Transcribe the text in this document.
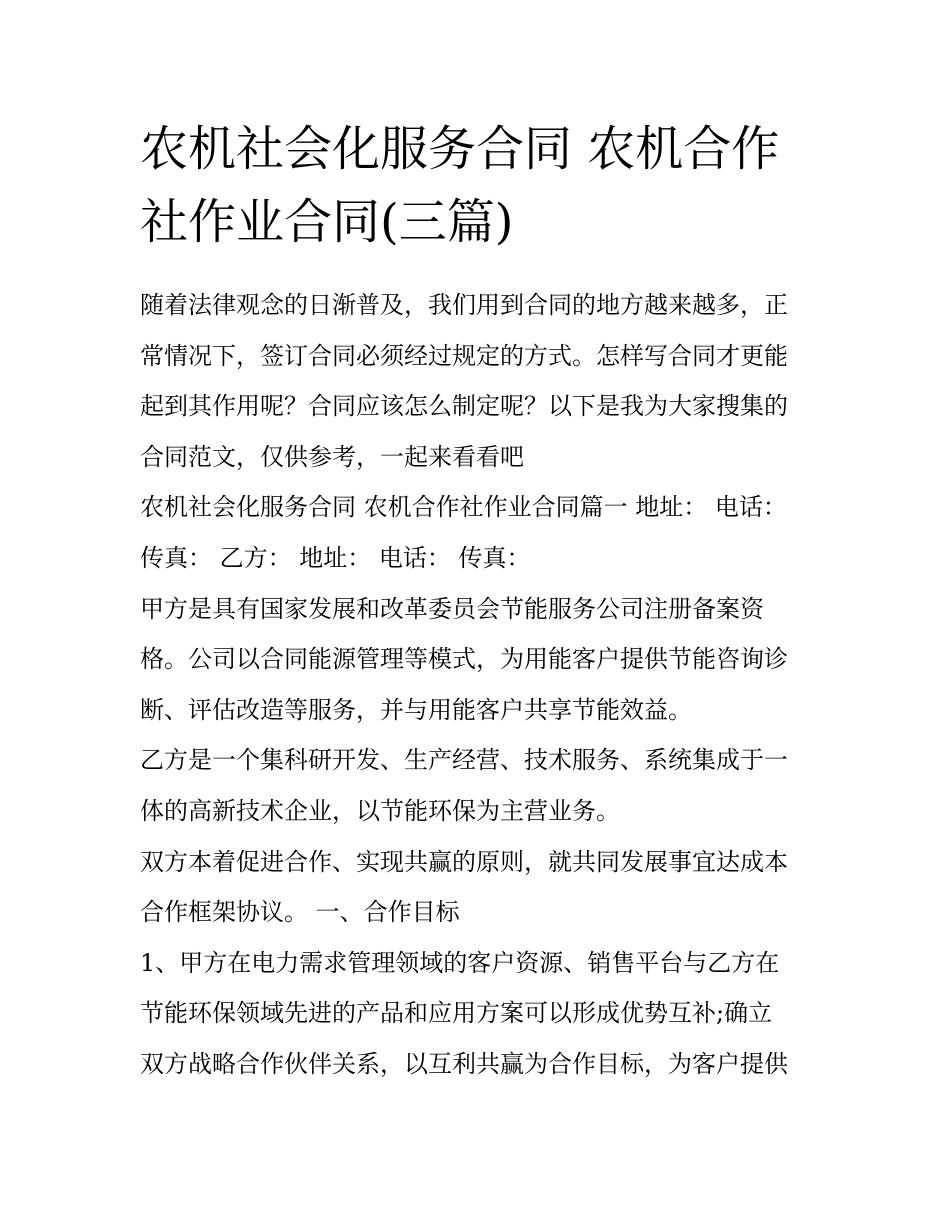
农机社会化服务合同 农机合作
社作业合同(三篇)
随着法律观念的日渐普及，我们用到合同的地方越来越多，正
常情况下，签订合同必须经过规定的方式。怎样写合同才更能
起到其作用呢？合同应该怎么制定呢？以下是我为大家搜集的
合同范文，仅供参考，一起来看看吧
农机社会化服务合同 农机合作社作业合同篇一 地址： 电话：
传真： 乙方： 地址： 电话： 传真：
甲方是具有国家发展和改革委员会节能服务公司注册备案资
格。公司以合同能源管理等模式，为用能客户提供节能咨询诊
断、评估改造等服务，并与用能客户共享节能效益。
乙方是一个集科研开发、生产经营、技术服务、系统集成于一
体的高新技术企业，以节能环保为主营业务。
双方本着促进合作、实现共赢的原则，就共同发展事宜达成本
合作框架协议。 一、合作目标
1、甲方在电力需求管理领域的客户资源、销售平台与乙方在
节能环保领域先进的产品和应用方案可以形成优势互补;确立
双方战略合作伙伴关系，以互利共赢为合作目标，为客户提供
